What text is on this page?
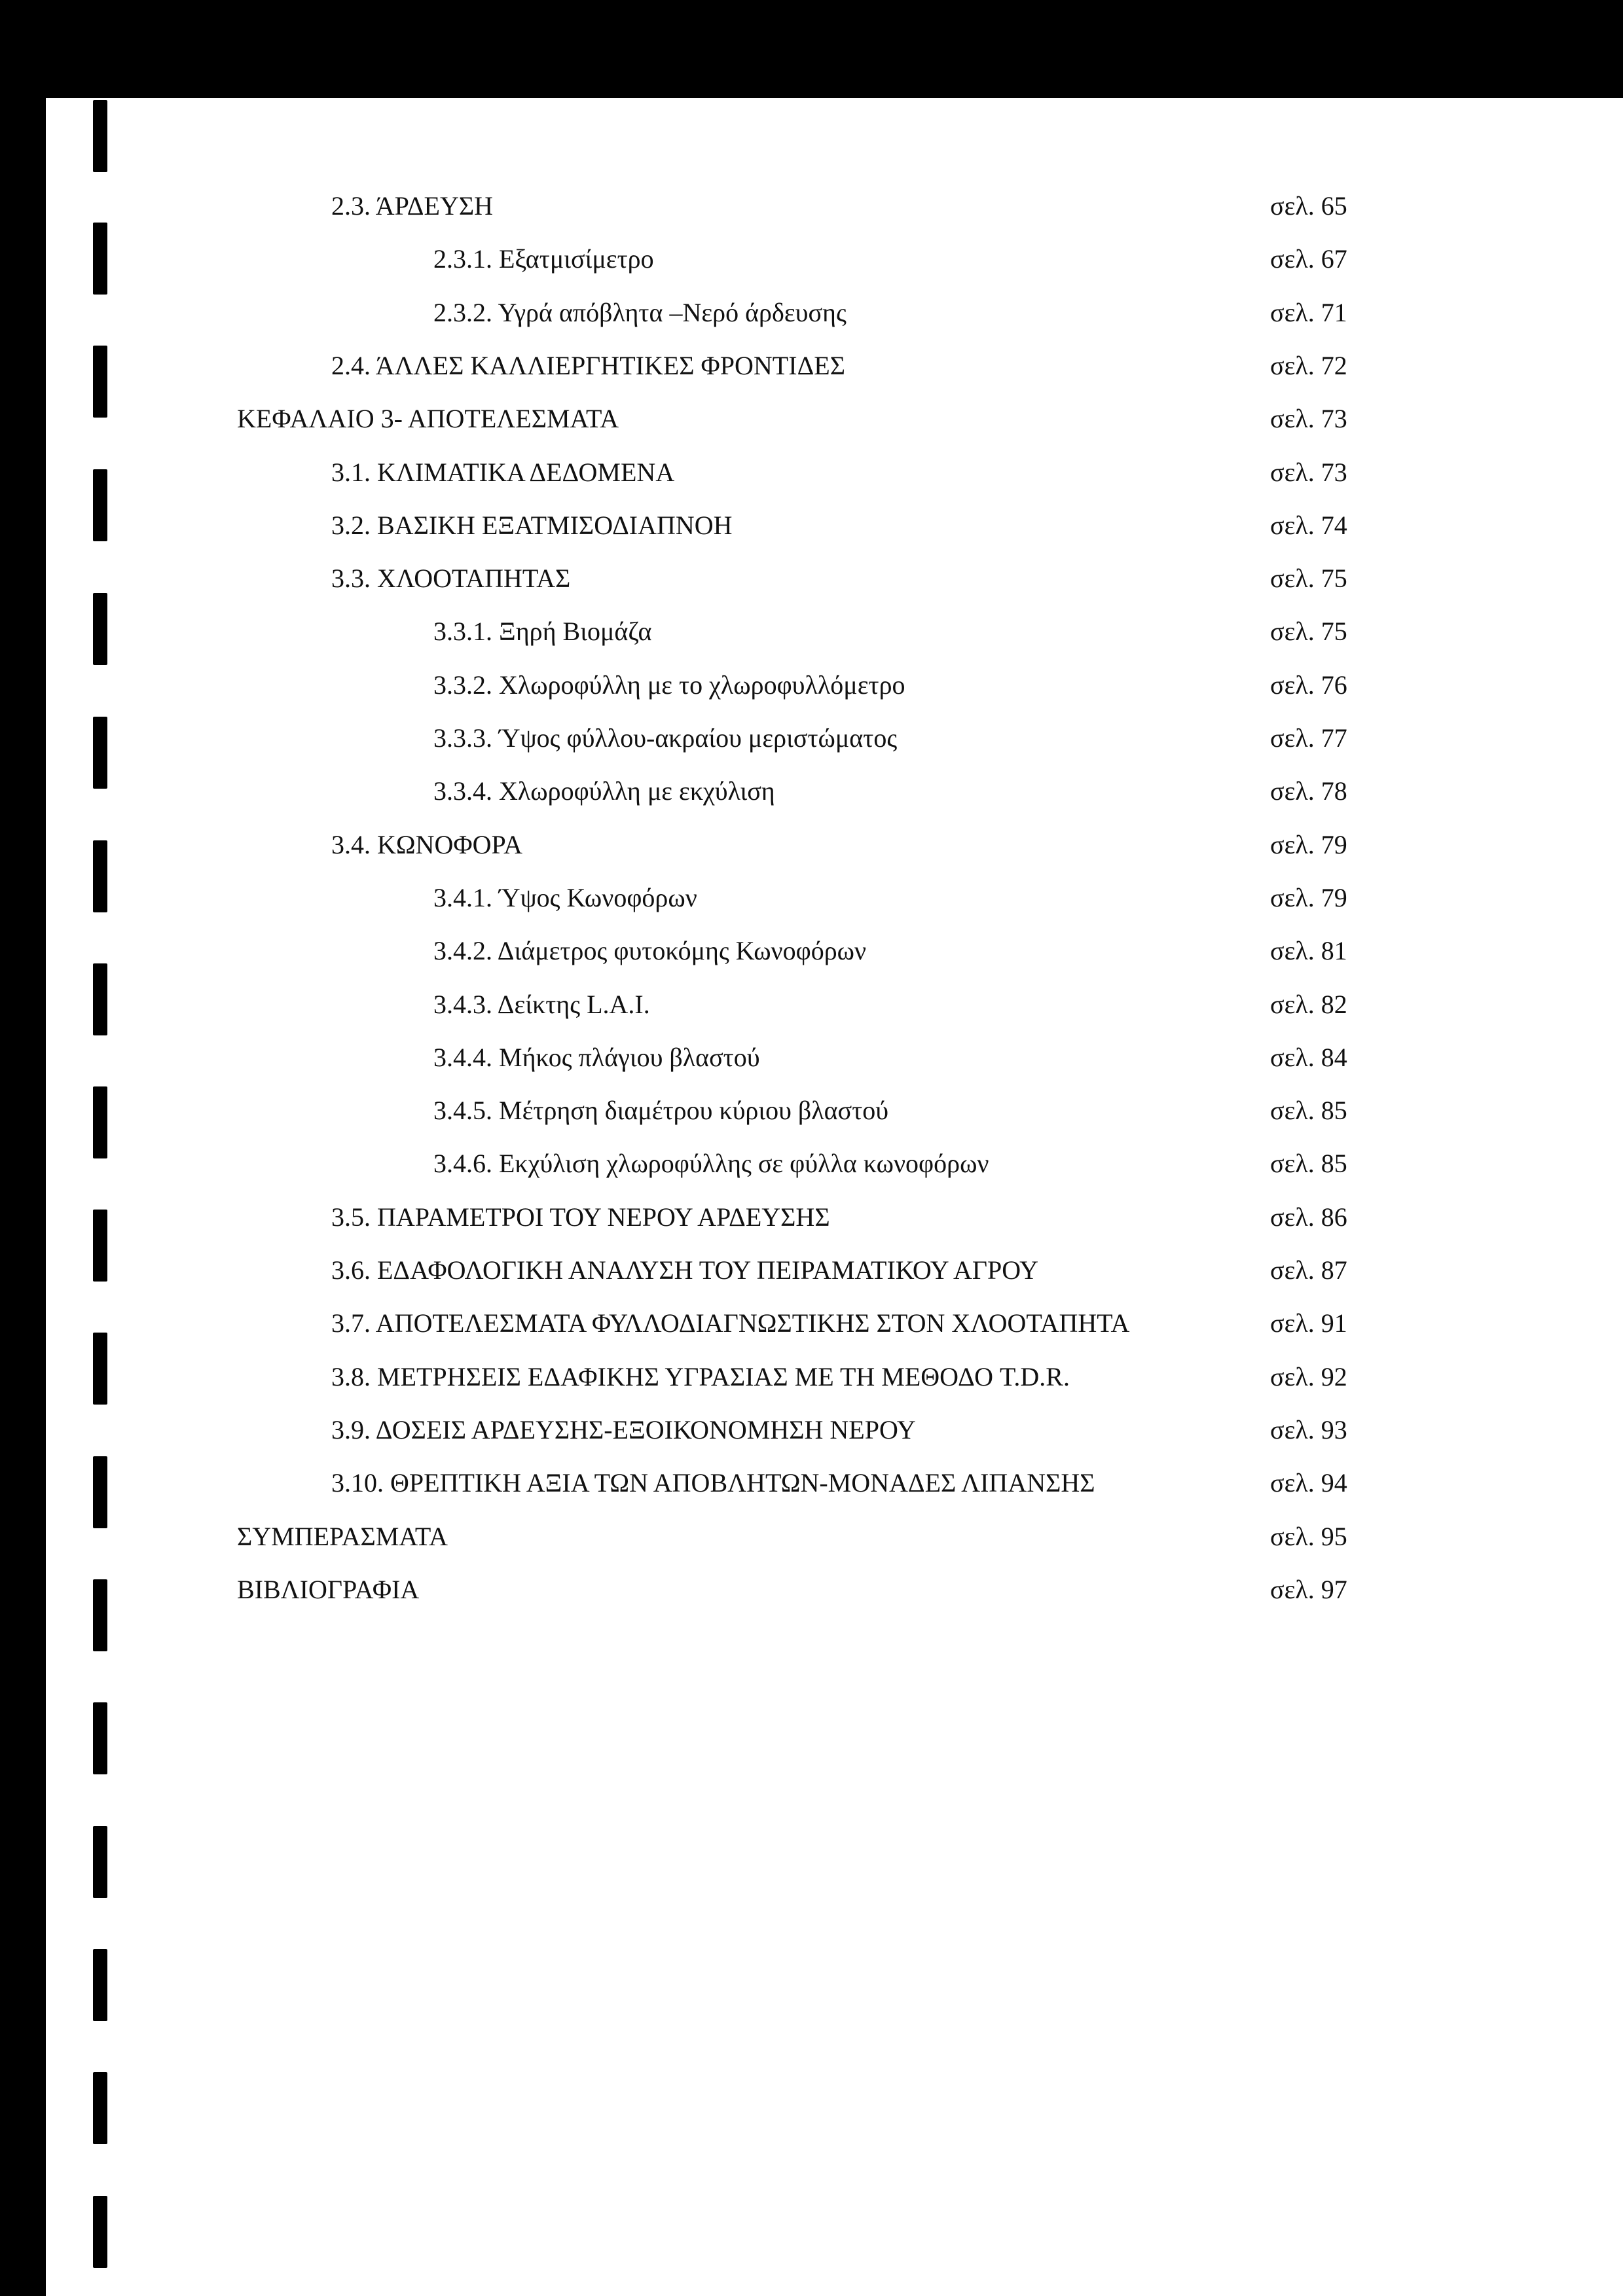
2.3. ΆΡΔΕΥΣΗ	σελ. 65
2.3.1. Εξατμισίμετρο	σελ. 67
2.3.2. Υγρά απόβλητα –Νερό άρδευσης	σελ. 71
2.4. ΆΛΛΕΣ ΚΑΛΛΙΕΡΓΗΤΙΚΕΣ ΦΡΟΝΤΙΔΕΣ	σελ. 72
ΚΕΦΑΛΑΙΟ 3- ΑΠΟΤΕΛΕΣΜΑΤΑ	σελ. 73
3.1. ΚΛΙΜΑΤΙΚΑ ΔΕΔΟΜΕΝΑ	σελ. 73
3.2. ΒΑΣΙΚΗ ΕΞΑΤΜΙΣΟΔΙΑΠΝΟΗ	σελ. 74
3.3. ΧΛΟΟΤΑΠΗΤΑΣ	σελ. 75
3.3.1. Ξηρή Βιομάζα	σελ. 75
3.3.2. Χλωροφύλλη με το χλωροφυλλόμετρο	σελ. 76
3.3.3. Ύψος φύλλου-ακραίου μεριστώματος	σελ. 77
3.3.4. Χλωροφύλλη με εκχύλιση	σελ. 78
3.4. ΚΩΝΟΦΟΡΑ	σελ. 79
3.4.1. Ύψος Κωνοφόρων	σελ. 79
3.4.2. Διάμετρος φυτοκόμης Κωνοφόρων	σελ. 81
3.4.3. Δείκτης L.A.I.	σελ. 82
3.4.4. Μήκος πλάγιου βλαστού	σελ. 84
3.4.5. Μέτρηση διαμέτρου κύριου βλαστού	σελ. 85
3.4.6. Εκχύλιση χλωροφύλλης σε φύλλα κωνοφόρων	σελ. 85
3.5. ΠΑΡΑΜΕΤΡΟΙ ΤΟΥ ΝΕΡΟΥ ΑΡΔΕΥΣΗΣ	σελ. 86
3.6. ΕΔΑΦΟΛΟΓΙΚΗ ΑΝΑΛΥΣΗ ΤΟΥ ΠΕΙΡΑΜΑΤΙΚΟΥ ΑΓΡΟΥ	σελ. 87
3.7. ΑΠΟΤΕΛΕΣΜΑΤΑ ΦΥΛΛΟΔΙΑΓΝΩΣΤΙΚΗΣ ΣΤΟΝ ΧΛΟΟΤΑΠΗΤΑ	σελ. 91
3.8. ΜΕΤΡΗΣΕΙΣ ΕΔΑΦΙΚΗΣ ΥΓΡΑΣΙΑΣ ΜΕ ΤΗ ΜΕΘΟΔΟ T.D.R.	σελ. 92
3.9. ΔΟΣΕΙΣ ΑΡΔΕΥΣΗΣ-ΕΞΟΙΚΟΝΟΜΗΣΗ ΝΕΡΟΥ	σελ. 93
3.10. ΘΡΕΠΤΙΚΗ ΑΞΙΑ ΤΩΝ ΑΠΟΒΛΗΤΩΝ-ΜΟΝΑΔΕΣ ΛΙΠΑΝΣΗΣ	σελ. 94
ΣΥΜΠΕΡΑΣΜΑΤΑ	σελ. 95
ΒΙΒΛΙΟΓΡΑΦΙΑ	σελ. 97
